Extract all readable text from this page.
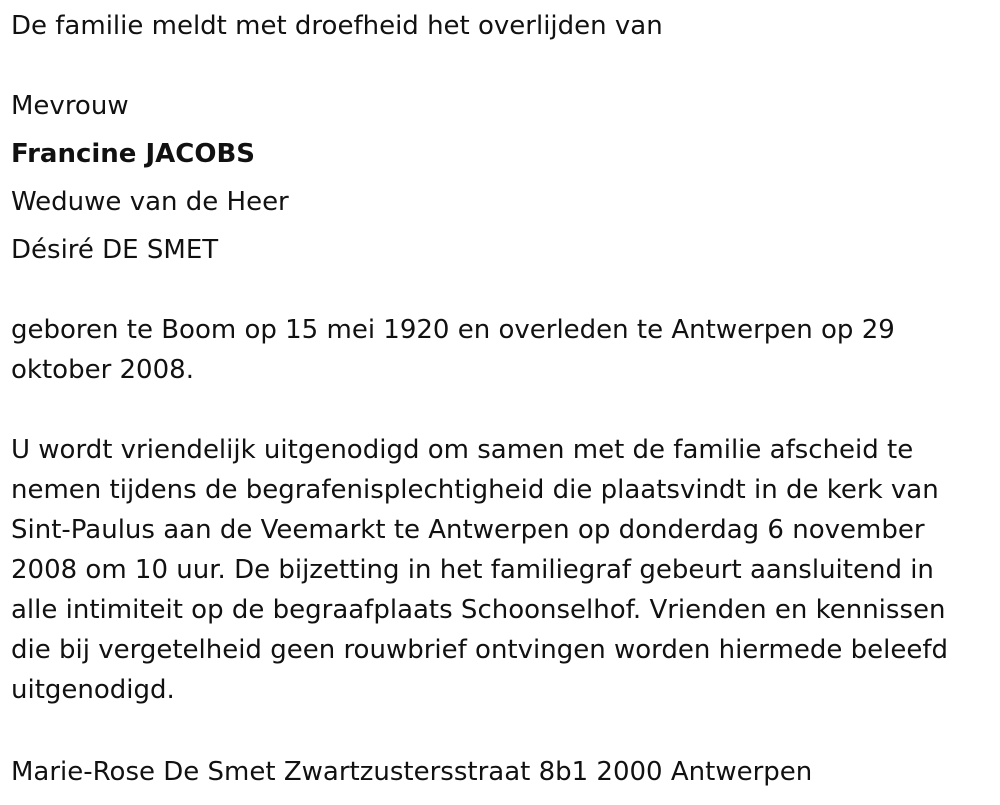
De familie meldt met droefheid het overlijden van
Mevrouw
Francine JACOBS
Weduwe van de Heer
Désiré DE SMET
geboren te Boom op 15 mei 1920 en overleden te Antwerpen op 29 oktober 2008.
U wordt vriendelijk uitgenodigd om samen met de familie afscheid te nemen tijdens de begrafenisplechtigheid die plaatsvindt in de kerk van Sint-Paulus aan de Veemarkt te Antwerpen op donderdag 6 november 2008 om 10 uur. De bijzetting in het familiegraf gebeurt aansluitend in alle intimiteit op de begraafplaats Schoonselhof. Vrienden en kennissen die bij vergetelheid geen rouwbrief ontvingen worden hiermede beleefd uitgenodigd.
Marie-Rose De Smet Zwartzustersstraat 8b1 2000 Antwerpen
